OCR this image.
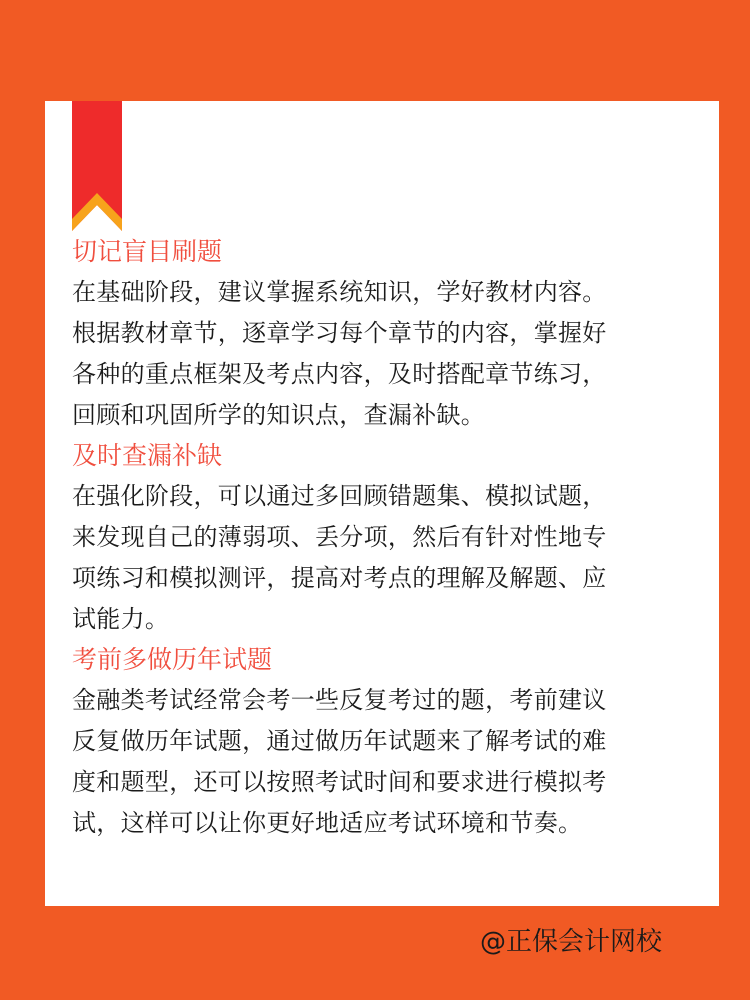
切记盲目刷题

在基础阶段，建议掌握系统知识，学好教材内容。
根据教材章节，逐章学习每个章节的内容，掌握好
各种的重点框架及考点内容，及时搭配章节练习，
回顾和巩固所学的知识点，查漏补缺。

及时查漏补缺

在强化阶段，可以通过多回顾错题集、模拟试题，
来发现自己的薄弱项、丢分项，然后有针对性地专
项练习和模拟测评，提高对考点的理解及解题、应
试能力。

考前多做历年试题

金融类考试经常会考一些反复考过的题，考前建议
反复做历年试题，通过做历年试题来了解考试的难
度和题型，还可以按照考试时间和要求进行模拟考
试，这样可以让你更好地适应考试环境和节奏。

@正保会计网校
